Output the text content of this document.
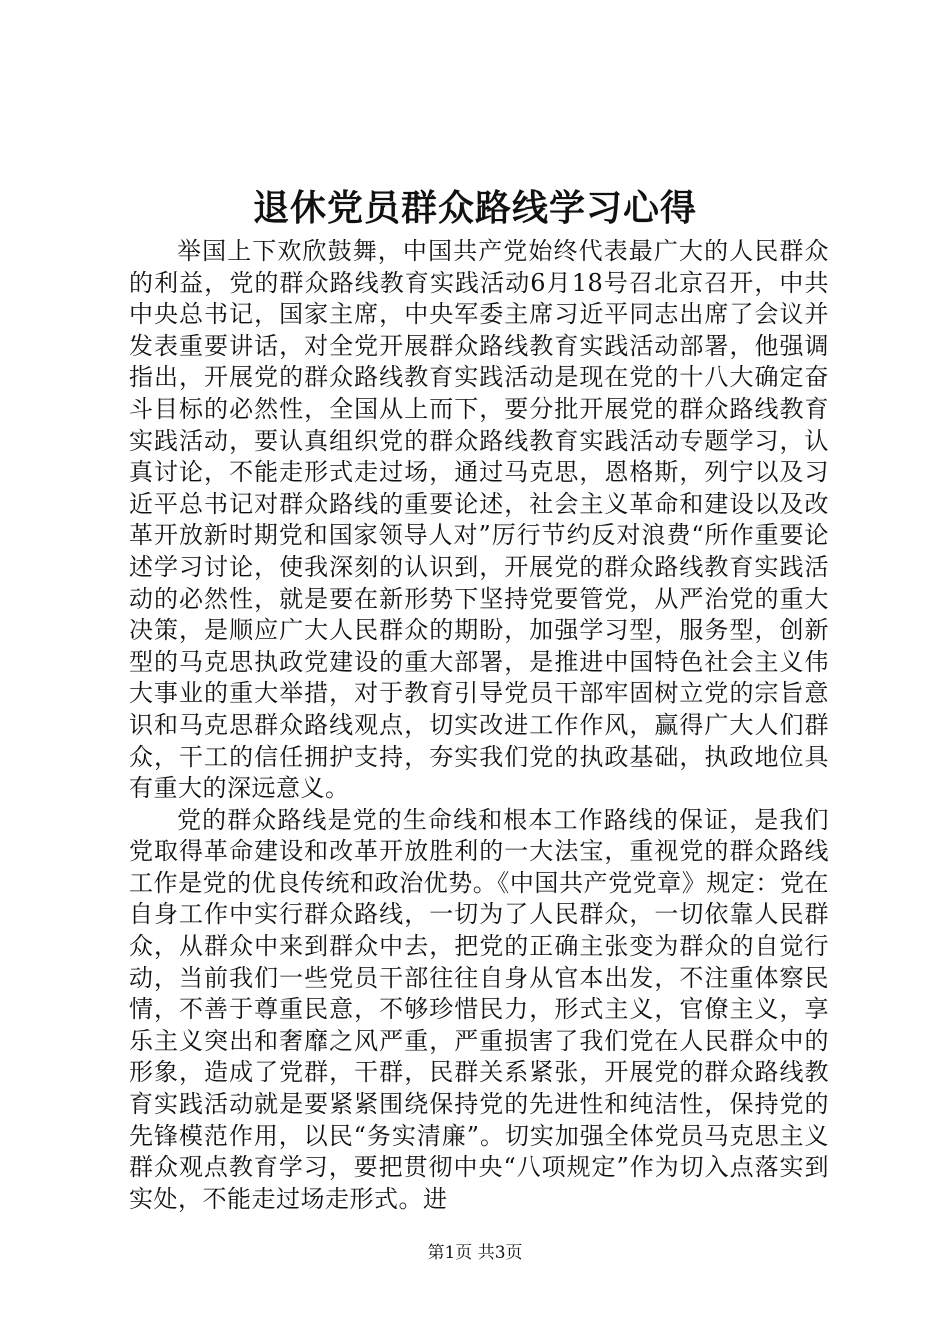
退休党员群众路线学习心得

举国上下欢欣鼓舞，中国共产党始终代表最广大的人民群众的利益，党的群众路线教育实践活动6月18号召北京召开，中共中央总书记，国家主席，中央军委主席习近平同志出席了会议并发表重要讲话，对全党开展群众路线教育实践活动部署，他强调指出，开展党的群众路线教育实践活动是现在党的十八大确定奋斗目标的必然性，全国从上而下，要分批开展党的群众路线教育实践活动，要认真组织党的群众路线教育实践活动专题学习，认真讨论，不能走形式走过场，通过马克思，恩格斯，列宁以及习近平总书记对群众路线的重要论述，社会主义革命和建设以及改革开放新时期党和国家领导人对”厉行节约反对浪费“所作重要论述学习讨论，使我深刻的认识到，开展党的群众路线教育实践活动的必然性，就是要在新形势下坚持党要管党，从严治党的重大决策，是顺应广大人民群众的期盼，加强学习型，服务型，创新型的马克思执政党建设的重大部署，是推进中国特色社会主义伟大事业的重大举措，对于教育引导党员干部牢固树立党的宗旨意识和马克思群众路线观点，切实改进工作作风，赢得广大人们群众，干工的信任拥护支持，夯实我们党的执政基础，执政地位具有重大的深远意义。

党的群众路线是党的生命线和根本工作路线的保证，是我们党取得革命建设和改革开放胜利的一大法宝，重视党的群众路线工作是党的优良传统和政治优势。《中国共产党党章》规定：党在自身工作中实行群众路线，一切为了人民群众，一切依靠人民群众，从群众中来到群众中去，把党的正确主张变为群众的自觉行动，当前我们一些党员干部往往自身从官本出发，不注重体察民情，不善于尊重民意，不够珍惜民力，形式主义，官僚主义，享乐主义突出和奢靡之风严重，严重损害了我们党在人民群众中的形象，造成了党群，干群，民群关系紧张，开展党的群众路线教育实践活动就是要紧紧围绕保持党的先进性和纯洁性，保持党的先锋模范作用，以民“务实清廉”。切实加强全体党员马克思主义群众观点教育学习，要把贯彻中央“八项规定”作为切入点落实到实处，不能走过场走形式。进

第1页 共3页
